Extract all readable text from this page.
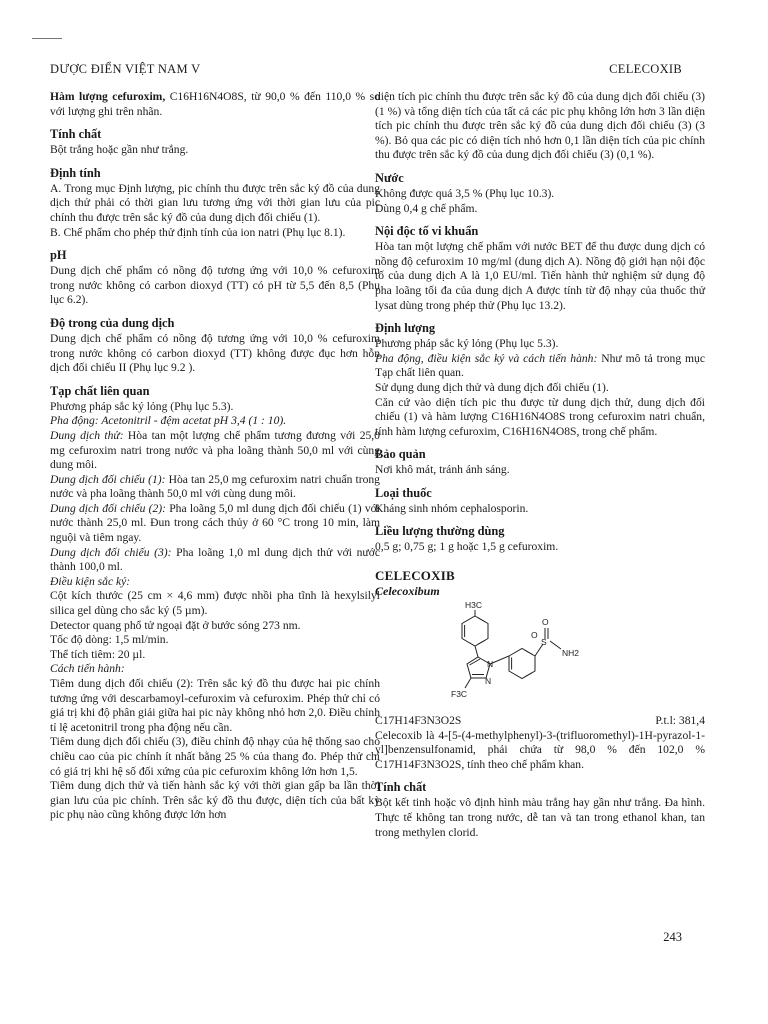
DƯỢC ĐIỂN VIỆT NAM V	CELECOXIB

Hàm lượng cefuroxim, C16H16N4O8S, từ 90,0 % đến 110,0 % so với lượng ghi trên nhãn.

Tính chất

Bột trắng hoặc gần như trắng.

Định tính

A. Trong mục Định lượng, pic chính thu được trên sắc ký đồ của dung dịch thử phải có thời gian lưu tương ứng với thời gian lưu của pic chính thu được trên sắc ký đồ của dung dịch đối chiếu (1).

B. Chế phẩm cho phép thử định tính của ion natri (Phụ lục 8.1).

pH

Dung dịch chế phẩm có nồng độ tương ứng với 10,0 % cefuroxim trong nước không có carbon dioxyd (TT) có pH từ 5,5 đến 8,5 (Phụ lục 6.2).

Độ trong của dung dịch

Dung dịch chế phẩm có nồng độ tương ứng với 10,0 % cefuroxim trong nước không có carbon dioxyd (TT) không được đục hơn hỗn dịch đối chiếu II (Phụ lục 9.2 ).

Tạp chất liên quan

Phương pháp sắc ký lỏng (Phụ lục 5.3).

Pha động: Acetonitril - đệm acetat pH 3,4 (1 : 10).

Dung dịch thử: Hòa tan một lượng chế phẩm tương đương với 25,0 mg cefuroxim natri trong nước và pha loãng thành 50,0 ml với cùng dung môi.

Dung dịch đối chiếu (1): Hòa tan 25,0 mg cefuroxim natri chuẩn trong nước và pha loãng thành 50,0 ml với cùng dung môi.

Dung dịch đối chiếu (2): Pha loãng 5,0 ml dung dịch đối chiếu (1) với nước thành 25,0 ml. Đun trong cách thủy ở 60 °C trong 10 min, làm nguội và tiêm ngay.

Dung dịch đối chiếu (3): Pha loãng 1,0 ml dung dịch thử với nước thành 100,0 ml.

Điều kiện sắc ký:

Cột kích thước (25 cm × 4,6 mm) được nhồi pha tĩnh là hexylsilyl silica gel dùng cho sắc ký (5 µm).

Detector quang phổ tử ngoại đặt ở bước sóng 273 nm.

Tốc độ dòng: 1,5 ml/min.

Thể tích tiêm: 20 µl.

Cách tiến hành:

Tiêm dung dịch đối chiếu (2): Trên sắc ký đồ thu được hai pic chính tương ứng với descarbamoyl-cefuroxim và cefuroxim. Phép thử chỉ có giá trị khi độ phân giải giữa hai pic này không nhỏ hơn 2,0. Điều chỉnh tỉ lệ acetonitril trong pha động nếu cần.

Tiêm dung dịch đối chiếu (3), điều chỉnh độ nhạy của hệ thống sao cho chiều cao của pic chính ít nhất bằng 25 % của thang đo. Phép thử chỉ có giá trị khi hệ số đối xứng của pic cefuroxim không lớn hơn 1,5.

Tiêm dung dịch thử và tiến hành sắc ký với thời gian gấp ba lần thời gian lưu của pic chính. Trên sắc ký đồ thu được, diện tích của bất kỳ pic phụ nào cũng không được lớn hơn

diện tích pic chính thu được trên sắc ký đồ của dung dịch đối chiếu (3) (1 %) và tổng diện tích của tất cả các pic phụ không lớn hơn 3 lần diện tích pic chính thu được trên sắc ký đồ của dung dịch đối chiếu (3) (3 %). Bỏ qua các pic có diện tích nhỏ hơn 0,1 lần diện tích của pic chính thu được trên sắc ký đồ của dung dịch đối chiếu (3) (0,1 %).

Nước

Không được quá 3,5 % (Phụ lục 10.3).

Dùng 0,4 g chế phẩm.

Nội độc tố vi khuẩn

Hòa tan một lượng chế phẩm với nước BET để thu được dung dịch có nồng độ cefuroxim 10 mg/ml (dung dịch A). Nồng độ giới hạn nội độc tố của dung dịch A là 1,0 EU/ml. Tiến hành thử nghiệm sử dụng độ pha loãng tối đa của dung dịch A được tính từ độ nhạy của thuốc thử lysat dùng trong phép thử (Phụ lục 13.2).

Định lượng

Phương pháp sắc ký lỏng (Phụ lục 5.3).

Pha động, điều kiện sắc ký và cách tiến hành: Như mô tả trong mục Tạp chất liên quan.

Sử dụng dung dịch thử và dung dịch đối chiếu (1).

Căn cứ vào diện tích pic thu được từ dung dịch thử, dung dịch đối chiếu (1) và hàm lượng C16H16N4O8S trong cefuroxim natri chuẩn, tính hàm lượng cefuroxim, C16H16N4O8S, trong chế phẩm.

Bảo quản

Nơi khô mát, tránh ánh sáng.

Loại thuốc

Kháng sinh nhóm cephalosporin.

Liều lượng thường dùng

0,5 g; 0,75 g; 1 g hoặc 1,5 g cefuroxim.

CELECOXIB
Celecoxibum
H3C
O
S
O
NH2
N
N
F3C
C17H14F3N3O2S	P.t.l: 381,4

Celecoxib là 4-[5-(4-methylphenyl)-3-(trifluoromethyl)-1H-pyrazol-1-yl]benzensulfonamid, phải chứa từ 98,0 % đến 102,0 % C17H14F3N3O2S, tính theo chế phẩm khan.

Tính chất

Bột kết tinh hoặc vô định hình màu trắng hay gần như trắng. Đa hình. Thực tế không tan trong nước, dễ tan và tan trong ethanol khan, tan trong methylen clorid.

243
